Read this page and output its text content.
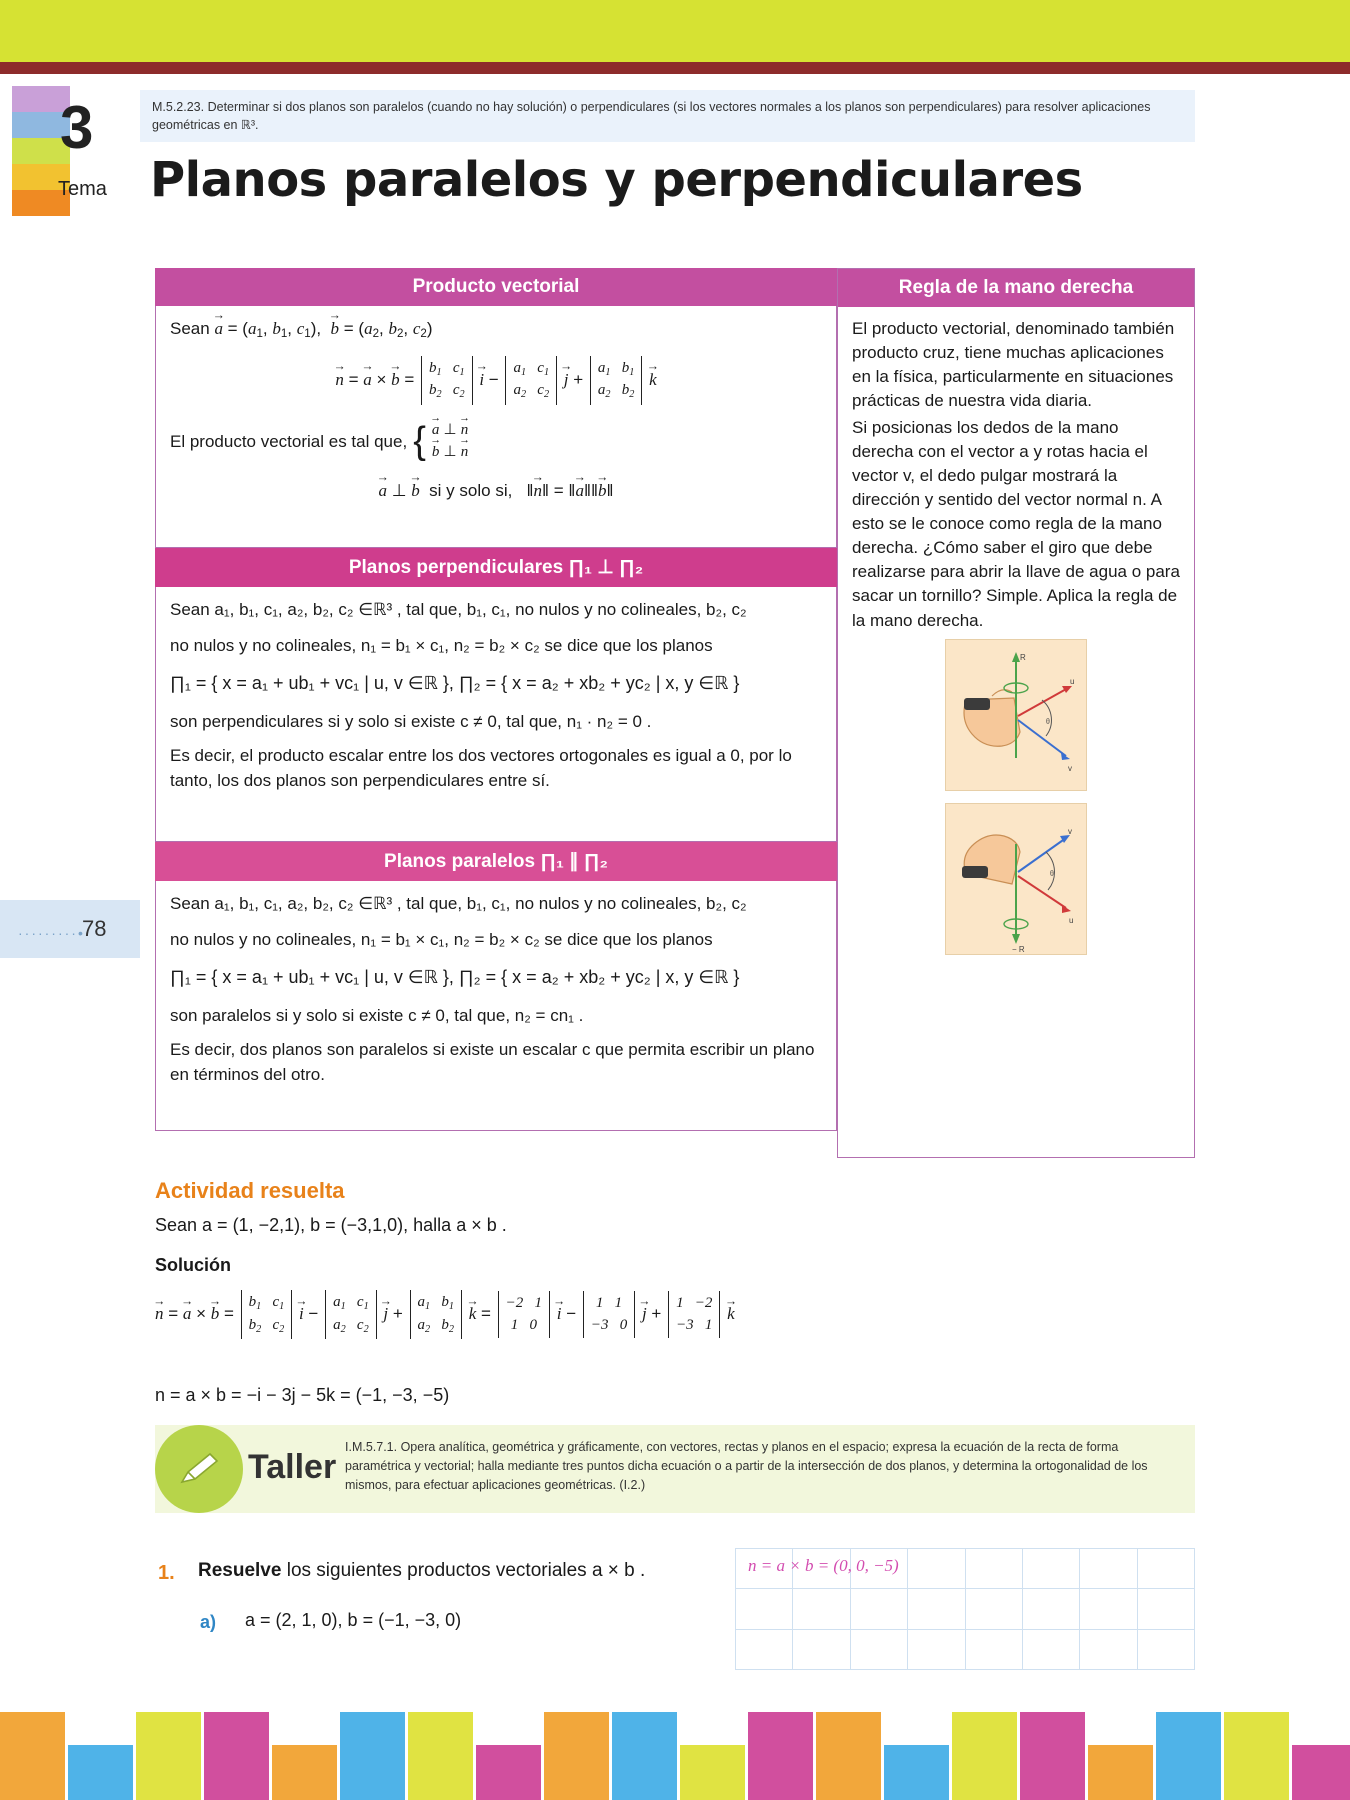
3
Tema
M.5.2.23. Determinar si dos planos son paralelos (cuando no hay solución) o perpendiculares (si los vectores normales a los planos son perpendiculares) para resolver aplicaciones geométricas en ℝ³.
Planos paralelos y perpendiculares
Producto vectorial
Sean a → = ($a_1$, $b_1$, $c_1$),  b → = ($a_2$, $b_2$, $c_2$)
n → = a → × b → =
$b_1$ $c_1$
$b_2$ $c_2$
i → −
$a_1$ $c_1$
$a_2$ $c_2$
j → +
$a_1$ $b_1$
$a_2$ $b_2$
k →
El producto vectorial es tal que, { a → ⊥ n →
b → ⊥ n →
a → ⊥ b →  si y solo si,   ‖n →‖ = ‖a →‖‖b →‖
Planos perpendiculares ∏₁ ⊥ ∏₂
Sean a₁, b₁, c₁, a₂, b₂, c₂ ∈ℝ³ , tal que, b₁, c₁, no nulos y no colineales, b₂, c₂
no nulos y no colineales, n₁ = b₁ × c₁, n₂ = b₂ × c₂ se dice que los planos
∏₁ = { x = a₁ + ub₁ + vc₁ | u, v ∈ℝ }, ∏₂ = { x = a₂ + xb₂ + yc₂ | x, y ∈ℝ }
son perpendiculares si y solo si existe c ≠ 0, tal que, n₁ · n₂ = 0 .
Es decir, el producto escalar entre los dos vectores ortogonales es igual a 0, por lo tanto, los dos planos son perpendiculares entre sí.
Planos paralelos ∏₁ ∥ ∏₂
Sean a₁, b₁, c₁, a₂, b₂, c₂ ∈ℝ³ , tal que, b₁, c₁, no nulos y no colineales, b₂, c₂
no nulos y no colineales, n₁ = b₁ × c₁, n₂ = b₂ × c₂ se dice que los planos
∏₁ = { x = a₁ + ub₁ + vc₁ | u, v ∈ℝ }, ∏₂ = { x = a₂ + xb₂ + yc₂ | x, y ∈ℝ }
son paralelos si y solo si existe c ≠ 0, tal que, n₂ = cn₁ .
Es decir, dos planos son paralelos si existe un escalar c que permita escribir un plano en términos del otro.
Regla de la mano derecha
El producto vectorial, denominado también producto cruz, tiene muchas aplicaciones en la física, particularmente en situaciones prácticas de nuestra vida diaria.
Si posicionas los dedos de la mano derecha con el vector a y rotas hacia el vector v, el dedo pulgar mostrará la dirección y sentido del vector normal n. A esto se le conoce como regla de la mano derecha. ¿Cómo saber el giro que debe realizarse para abrir la llave de agua o para sacar un tornillo? Simple. Aplica la regla de la mano derecha.
R
u
v
θ
− R
v
u
θ
·········•
78
Actividad resuelta
Sean a = (1, −2,1), b = (−3,1,0), halla a × b .
Solución
n → = a → × b → =
$b_1$ $c_1$
$b_2$ $c_2$
i → −
$a_1$ $c_1$
$a_2$ $c_2$
j → +
$a_1$ $b_1$
$a_2$ $b_2$
k → =
−2   1
1   0
i → −
1   1
−3   0
j → +
1   −2
−3   1
k →
n = a × b = −i − 3j − 5k = (−1, −3, −5)
Taller
I.M.5.7.1. Opera analítica, geométrica y gráficamente, con vectores, rectas y planos en el espacio; expresa la ecuación de la recta de forma paramétrica y vectorial; halla mediante tres puntos dicha ecuación o a partir de la intersección de dos planos, y determina la ortogonalidad de los mismos, para efectuar aplicaciones geométricas. (I.2.)
1. Resuelve los siguientes productos vectoriales a × b .
a) a = (2, 1, 0), b = (−1, −3, 0)

n = a × b = (0, 0, −5)
